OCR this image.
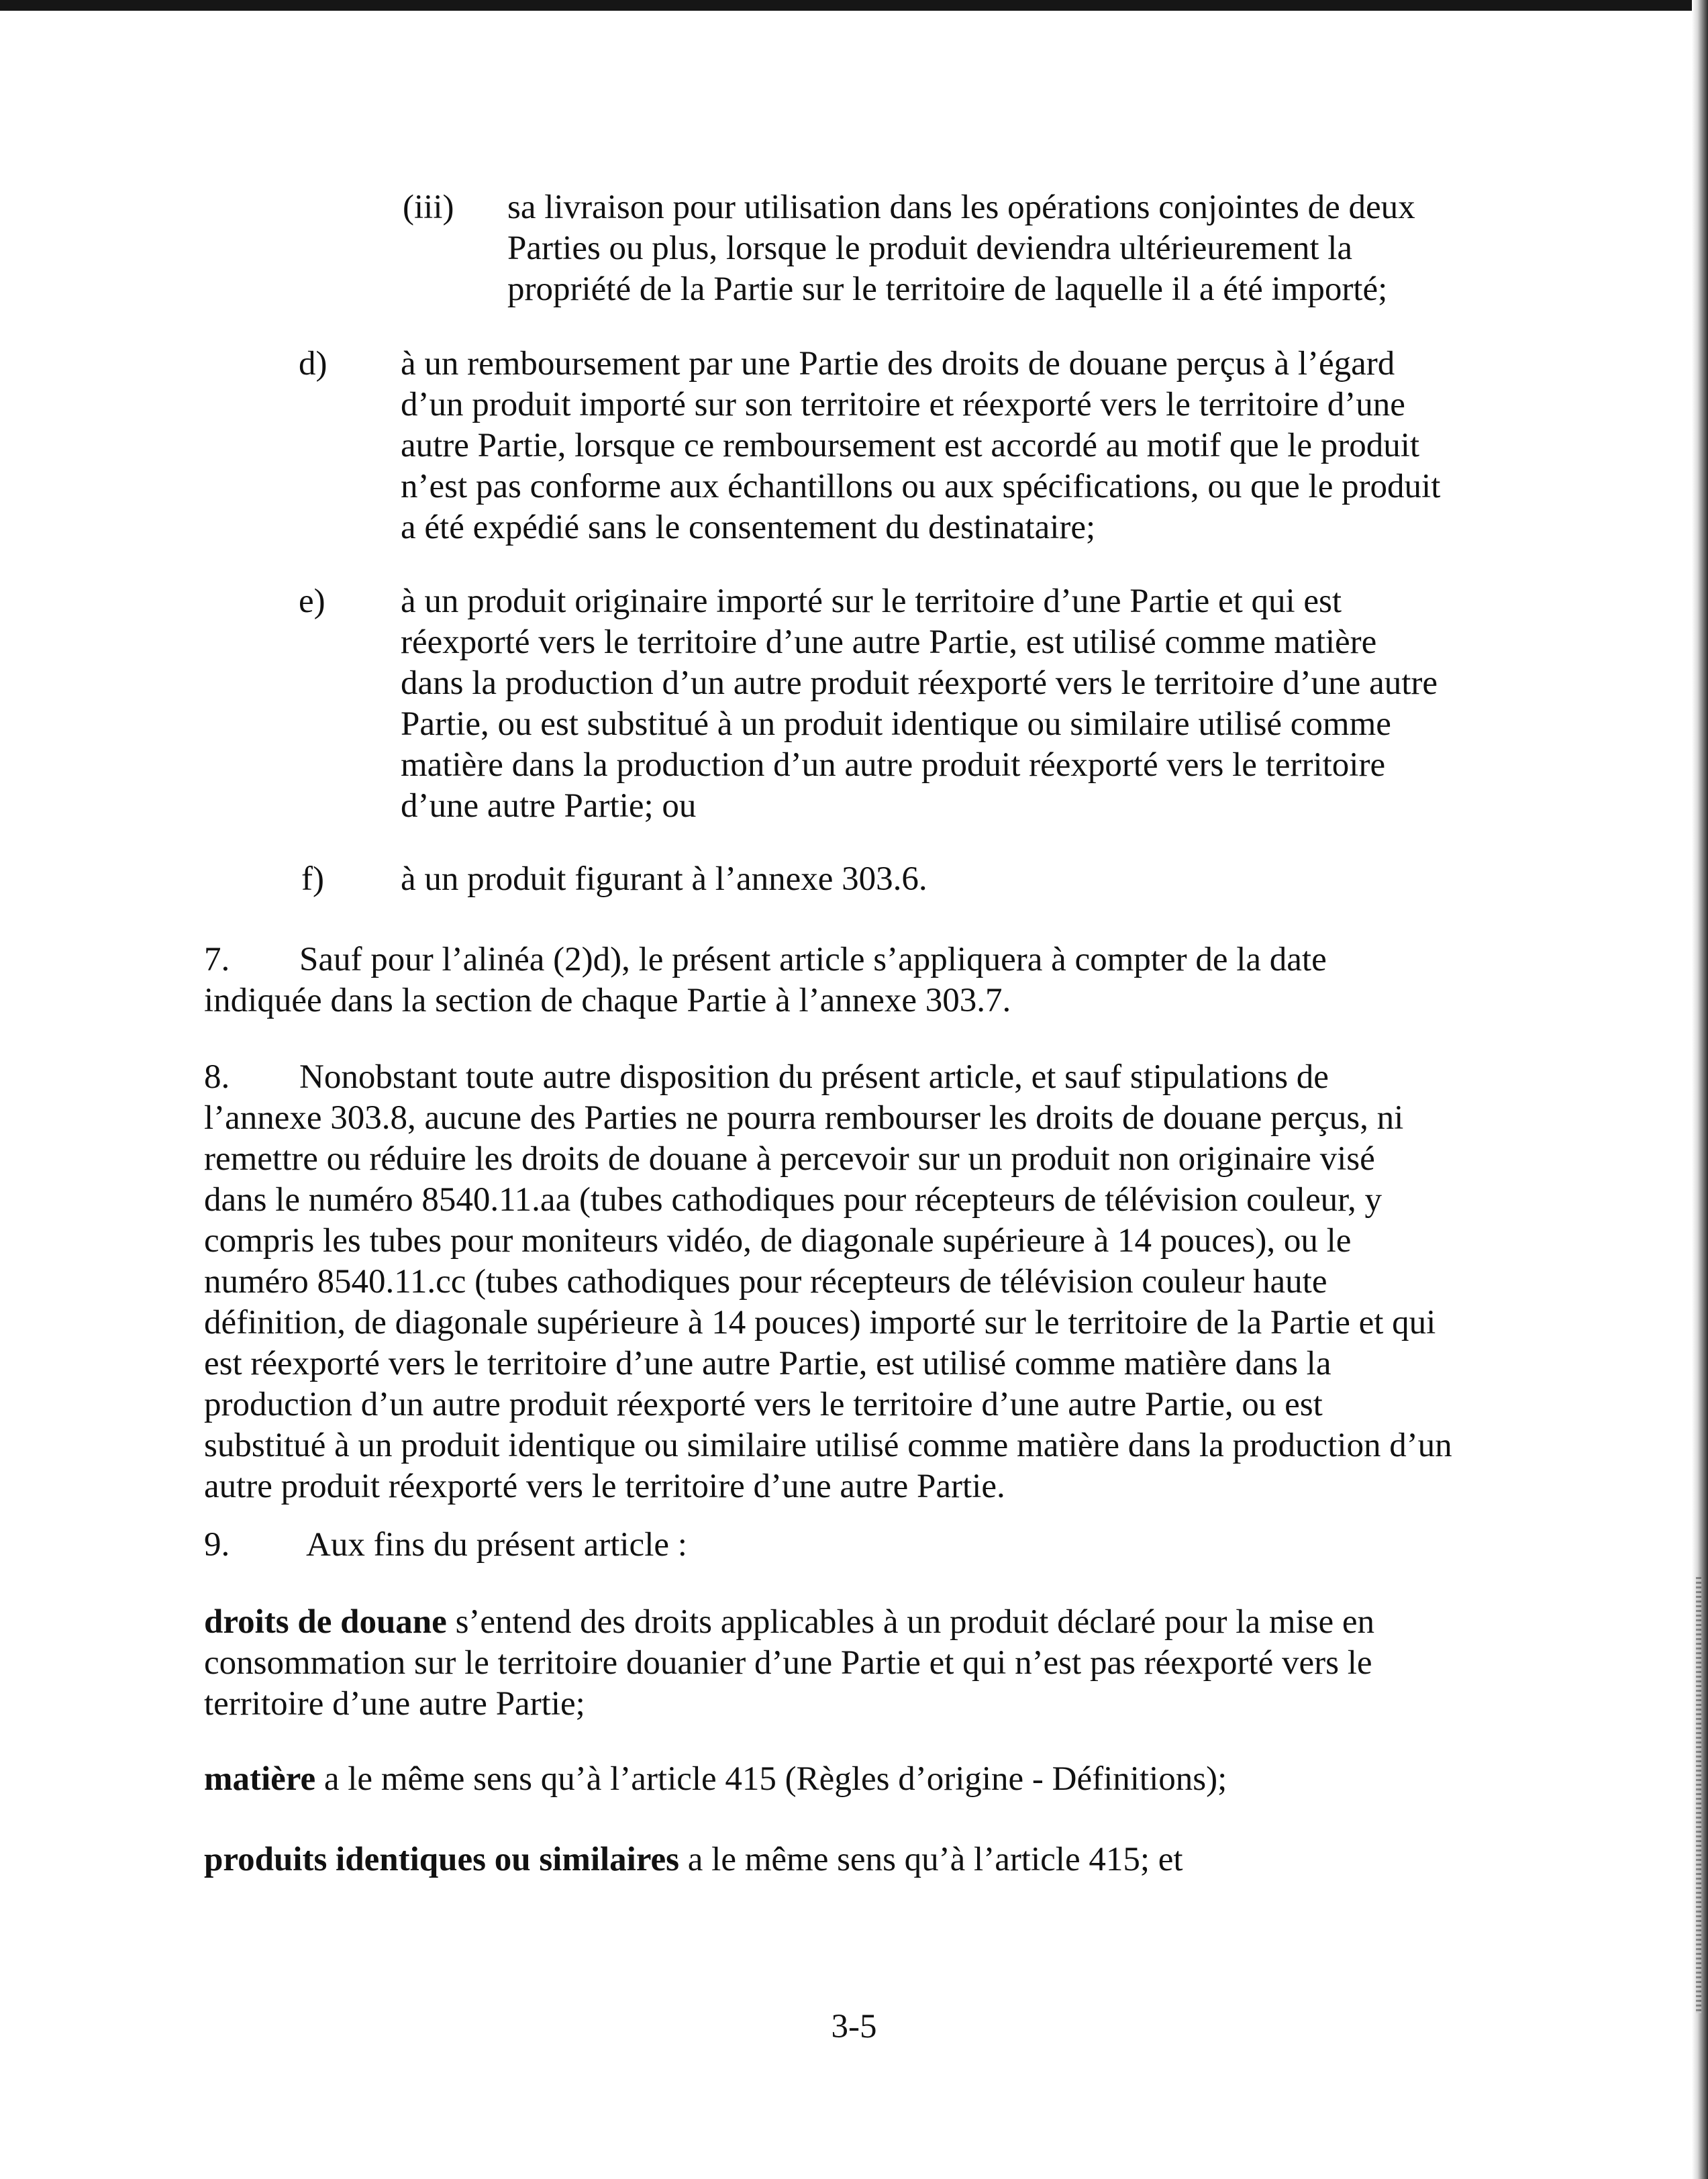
(iii) sa livraison pour utilisation dans les opérations conjointes de deux
Parties ou plus, lorsque le produit deviendra ultérieurement la
propriété de la Partie sur le territoire de laquelle il a été importé;
d) à un remboursement par une Partie des droits de douane perçus à l’égard
d’un produit importé sur son territoire et réexporté vers le territoire d’une
autre Partie, lorsque ce remboursement est accordé au motif que le produit
n’est pas conforme aux échantillons ou aux spécifications, ou que le produit
a été expédié sans le consentement du destinataire;
e) à un produit originaire importé sur le territoire d’une Partie et qui est
réexporté vers le territoire d’une autre Partie, est utilisé comme matière
dans la production d’un autre produit réexporté vers le territoire d’une autre
Partie, ou est substitué à un produit identique ou similaire utilisé comme
matière dans la production d’un autre produit réexporté vers le territoire
d’une autre Partie; ou
f) à un produit figurant à l’annexe 303.6.
7. Sauf pour l’alinéa (2)d), le présent article s’appliquera à compter de la date
indiquée dans la section de chaque Partie à l’annexe 303.7.
8. Nonobstant toute autre disposition du présent article, et sauf stipulations de
l’annexe 303.8, aucune des Parties ne pourra rembourser les droits de douane perçus, ni
remettre ou réduire les droits de douane à percevoir sur un produit non originaire visé
dans le numéro 8540.11.aa (tubes cathodiques pour récepteurs de télévision couleur, y
compris les tubes pour moniteurs vidéo, de diagonale supérieure à 14 pouces), ou le
numéro 8540.11.cc (tubes cathodiques pour récepteurs de télévision couleur haute
définition, de diagonale supérieure à 14 pouces) importé sur le territoire de la Partie et qui
est réexporté vers le territoire d’une autre Partie, est utilisé comme matière dans la
production d’un autre produit réexporté vers le territoire d’une autre Partie, ou est
substitué à un produit identique ou similaire utilisé comme matière dans la production d’un
autre produit réexporté vers le territoire d’une autre Partie.
9. Aux fins du présent article :
droits de douane s’entend des droits applicables à un produit déclaré pour la mise en
consommation sur le territoire douanier d’une Partie et qui n’est pas réexporté vers le
territoire d’une autre Partie;
matière a le même sens qu’à l’article 415 (Règles d’origine - Définitions);
produits identiques ou similaires a le même sens qu’à l’article 415; et
3-5
